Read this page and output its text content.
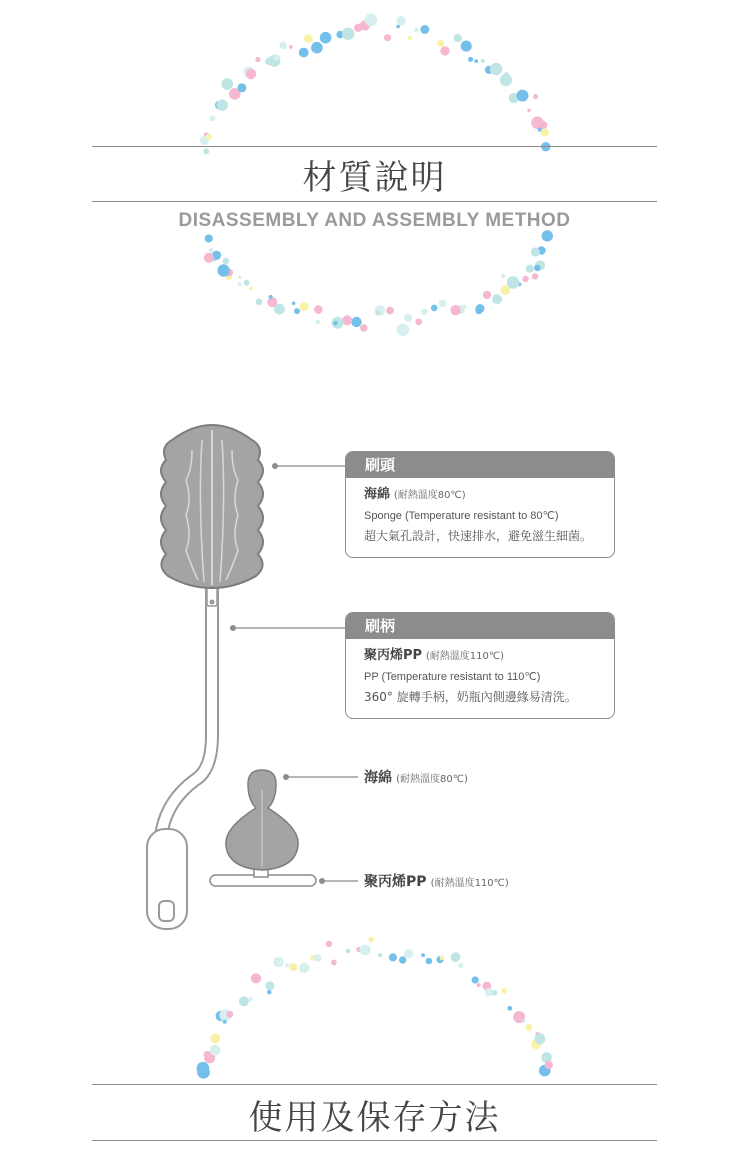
材質說明
DISASSEMBLY AND ASSEMBLY METHOD
刷頭
海綿 (耐熱溫度80℃)
Sponge (Temperature resistant to 80℃)
超大氣孔設計，快速排水，避免滋生細菌。
刷柄
聚丙烯PP (耐熱溫度110℃)
PP (Temperature resistant to 110℃)
360° 旋轉手柄，奶瓶內側邊緣易清洗。
海綿 (耐熱溫度80℃)
聚丙烯PP (耐熱溫度110℃)
使用及保存方法
